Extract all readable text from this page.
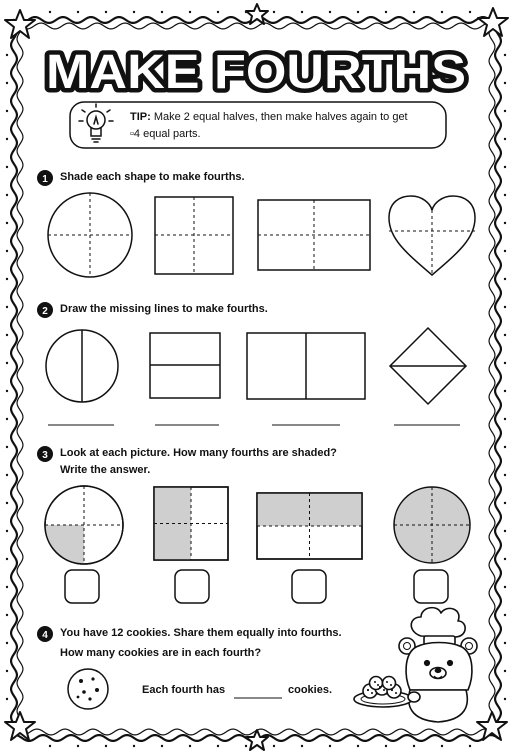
MAKE FOURTHS
1
2
3
4
TIP: Make 2 equal halves, then make halves again to get
▫4 equal parts.
Shade each shape to make fourths.
Draw the missing lines to make fourths.
Look at each picture. How many fourths are shaded?
Write the answer.
You have 12 cookies. Share them equally into fourths.
How many cookies are in each fourth?
Each fourth has	cookies.
